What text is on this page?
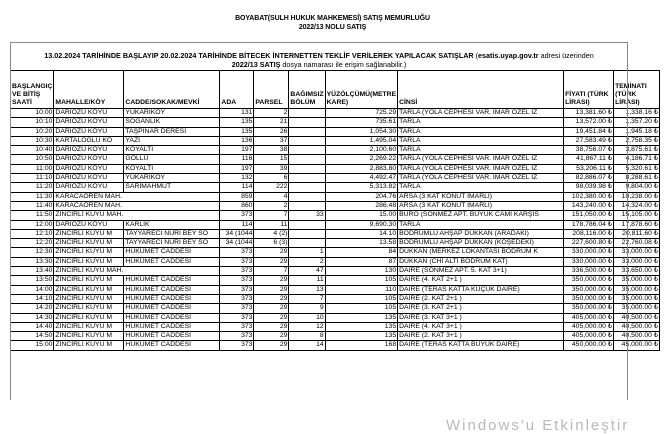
BOYABAT(SULH HUKUK MAHKEMESİ) SATIŞ MEMURLUĞU
2022/13 NOLU SATIŞ
13.02.2024 TARİHİNDE BAŞLAYIP 20.02.2024 TARİHİNDE BİTECEK İNTERNETTEN TEKLİF VERİLEREK YAPILACAK SATIŞLAR (esatis.uyap.gov.tr adresi üzerinden
2022/13 SATIŞ dosya namarası ile erişim sağlanabilir.)
BAŞLANGIÇ VE BİTİŞ SAATİ	MAHALLE/KÖY	CADDE/SOKAK/MEVKİ	ADA	PARSEL	BAĞIMSIZ BÖLÜM	YÜZÖLÇÜMÜ(METRE KARE)	CİNSİ	FİYATI (TÜRK LİRASI)	TEMİNATI (TÜRK LİRASI)
10:00	DARIÖZÜ KÖYÜ	YUKARIKÖY	131	2		725.29	TARLA (YOLA CEPHESİ VAR. İMAR ÖZEL İZ	13,381.60 ₺	1,338.16 ₺
10:10	DARIÖZÜ KÖYÜ	SOĞANLIK	135	21		735.61	TARLA	13,572.00 ₺	1,357.20 ₺
10:20	DARIÖZÜ KÖYÜ	TAŞPINAR DERESİ	135	26		1,054.30	TARLA	19,451.84 ₺	1,945.18 ₺
10:30	KARTALOĞLU KÖ	YAZI	136	37		1,495.04	TARLA	27,583.49 ₺	2,758.35 ₺
10:40	DARIÖZÜ KÖYÜ	KÖYALTI	197	38		2,100.60	TARLA	38,756.07 ₺	3,875.61 ₺
10:50	DARIÖZÜ KÖYÜ	GÖLLÜ	116	15		2,269.22	TARLA (YOLA CEPHESİ VAR. İMAR ÖZEL İZ	41,867.11 ₺	4,186.71 ₺
11:00	DARIÖZÜ KÖYÜ	KÖYALTI	197	39		2,883.80	TARLA (YOLA CEPHESİ VAR. İMAR ÖZEL İZ	53,206.11 ₺	5,320.61 ₺
11:10	DARIÖZÜ KÖYÜ	YUKARIKÖY	132	6		4,492.47	TARLA (YOLA CEPHESİ VAR. İMAR ÖZEL İZ	82,886.07 ₺	8,288.61 ₺
11:20	DARIÖZÜ KÖYÜ	SARIMAHMUT	114	222		5,313.82	TARLA	98,039.98 ₺	9,804.00 ₺
11:30	KARACAÖREN MAH.		859	4		204.76	ARSA (3 KAT KONUT İMARLI)	102,380.00 ₺	10,238.00 ₺
11:40	KARACAÖREN MAH.		860	2		286.48	ARSA (3 KAT KONUT İMARLI)	143,240.00 ₺	14,324.00 ₺
11:50	ZİNCİRLİ KUYU MAH.		373	7	33	15.00	BÜRO (SÖNMEZ APT. BÜYÜK CAMİ KARŞIS	151,050.00 ₺	15,105.00 ₺
12:00	DARIÖZÜ KÖYÜ	KARLIK	114	11		9,690.30	TARLA	178,786.04 ₺	17,878.60 ₺
12:10	ZİNCİRLİ KUYU M	TAYYARECİ NURİ BEY SO	34 (1044	4 (2)		14.10	BODRUMLU AHŞAP DÜKKAN (ARADAKİ)	208,116.00 ₺	20,811.60 ₺
12:20	ZİNCİRLİ KUYU M	TAYYARECİ NURİ BEY SO	34 (1044	6 (3)		13.58	BODRUMLU AHŞAP DÜKKAN (KÖŞEDEKİ)	227,600.80 ₺	22,760.08 ₺
12:30	ZİNCİRLİ KUYU M	HÜKÜMET CADDESİ	373	29	1	84	DÜKKAN (MERKEZ LOKANTASI BODRUM K	330,000.00 ₺	33,000.00 ₺
13:30	ZİNCİRLİ KUYU M	HÜKÜMET CADDESİ	373	29	2	87	DÜKKAN (CHİ ALTI BODRUM KAT)	330,000.00 ₺	33,000.00 ₺
13:40	ZİNCİRLİ KUYU MAH.		373	7	47	130	DAİRE (SÖNMEZ APT. 5. KAT 3+1)	336,500.00 ₺	33,650.00 ₺
13:50	ZİNCİRLİ KUYU M	HÜKÜMET CADDESİ	373	29	11	105	DAİRE (4. KAT 2+1 )	350,000.00 ₺	35,000.00 ₺
14:00	ZİNCİRLİ KUYU M	HÜKÜMET CADDESİ	373	29	13	110	DAİRE (TERAS KATTA KÜÇÜK DAİRE)	350,000.00 ₺	35,000.00 ₺
14:10	ZİNCİRLİ KUYU M	HÜKÜMET CADDESİ	373	29	7	105	DAİRE (2. KAT 2+1 )	350,000.00 ₺	35,000.00 ₺
14:20	ZİNCİRLİ KUYU M	HÜKÜMET CADDESİ	373	29	9	105	DAİRE (3. KAT 2+1 )	350,000.00 ₺	35,000.00 ₺
14:30	ZİNCİRLİ KUYU M	HÜKÜMET CADDESİ	373	29	10	135	DAİRE (3. KAT 3+1 )	405,000.00 ₺	40,500.00 ₺
14:40	ZİNCİRLİ KUYU M	HÜKÜMET CADDESİ	373	29	12	135	DAİRE (4. KAT 3+1 )	405,000.00 ₺	40,500.00 ₺
14:50	ZİNCİRLİ KUYU M	HÜKÜMET CADDESİ	373	29	8	135	DAİRE (2. KAT 3+1 )	405,000.00 ₺	40,500.00 ₺
15:00	ZİNCİRLİ KUYU M	HÜKÜMET CADDESİ	373	29	14	168	DAİRE (TERAS KATTA BÜYÜK DAİRE)	450,000.00 ₺	45,000.00 ₺
Windows'u Etkinleştir
